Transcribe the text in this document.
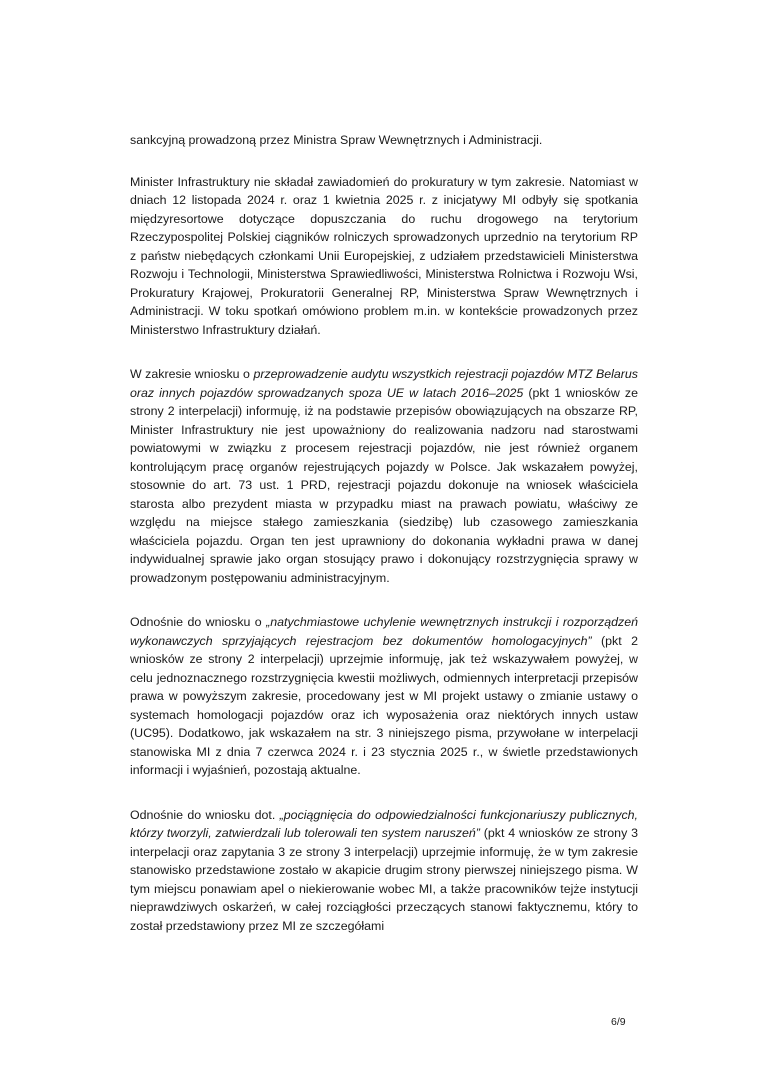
sankcyjną prowadzoną przez Ministra Spraw Wewnętrznych i Administracji.

Minister Infrastruktury nie składał zawiadomień do prokuratury w tym zakresie. Natomiast w dniach 12 listopada 2024 r. oraz 1 kwietnia 2025 r. z inicjatywy MI odbyły się spotkania międzyresortowe dotyczące dopuszczania do ruchu drogowego na terytorium Rzeczypospolitej Polskiej ciągników rolniczych sprowadzonych uprzednio na terytorium RP z państw niebędących członkami Unii Europejskiej, z udziałem przedstawicieli Ministerstwa Rozwoju i Technologii, Ministerstwa Sprawiedliwości, Ministerstwa Rolnictwa i Rozwoju Wsi, Prokuratury Krajowej, Prokuratorii Generalnej RP, Ministerstwa Spraw Wewnętrznych i Administracji. W toku spotkań omówiono problem m.in. w kontekście prowadzonych przez Ministerstwo Infrastruktury działań.

W zakresie wniosku o przeprowadzenie audytu wszystkich rejestracji pojazdów MTZ Belarus oraz innych pojazdów sprowadzanych spoza UE w latach 2016–2025 (pkt 1 wniosków ze strony 2 interpelacji) informuję, iż na podstawie przepisów obowiązujących na obszarze RP, Minister Infrastruktury nie jest upoważniony do realizowania nadzoru nad starostwami powiatowymi w związku z procesem rejestracji pojazdów, nie jest również organem kontrolującym pracę organów rejestrujących pojazdy w Polsce. Jak wskazałem powyżej, stosownie do art. 73 ust. 1 PRD, rejestracji pojazdu dokonuje na wniosek właściciela starosta albo prezydent miasta w przypadku miast na prawach powiatu, właściwy ze względu na miejsce stałego zamieszkania (siedzibę) lub czasowego zamieszkania właściciela pojazdu. Organ ten jest uprawniony do dokonania wykładni prawa w danej indywidualnej sprawie jako organ stosujący prawo i dokonujący rozstrzygnięcia sprawy w prowadzonym postępowaniu administracyjnym.

Odnośnie do wniosku o „natychmiastowe uchylenie wewnętrznych instrukcji i rozporządzeń wykonawczych sprzyjających rejestracjom bez dokumentów homologacyjnych” (pkt 2 wniosków ze strony 2 interpelacji) uprzejmie informuję, jak też wskazywałem powyżej, w celu jednoznacznego rozstrzygnięcia kwestii możliwych, odmiennych interpretacji przepisów prawa w powyższym zakresie, procedowany jest w MI projekt ustawy o zmianie ustawy o systemach homologacji pojazdów oraz ich wyposażenia oraz niektórych innych ustaw (UC95). Dodatkowo, jak wskazałem na str. 3 niniejszego pisma, przywołane w interpelacji stanowiska MI z dnia 7 czerwca 2024 r. i 23 stycznia 2025 r., w świetle przedstawionych informacji i wyjaśnień, pozostają aktualne.

Odnośnie do wniosku dot. „pociągnięcia do odpowiedzialności funkcjonariuszy publicznych, którzy tworzyli, zatwierdzali lub tolerowali ten system naruszeń” (pkt 4 wniosków ze strony 3 interpelacji oraz zapytania 3 ze strony 3 interpelacji) uprzejmie informuję, że w tym zakresie stanowisko przedstawione zostało w akapicie drugim strony pierwszej niniejszego pisma. W tym miejscu ponawiam apel o niekierowanie wobec MI, a także pracowników tejże instytucji nieprawdziwych oskarżeń, w całej rozciągłości przeczących stanowi faktycznemu, który to został przedstawiony przez MI ze szczegółami

6/9
